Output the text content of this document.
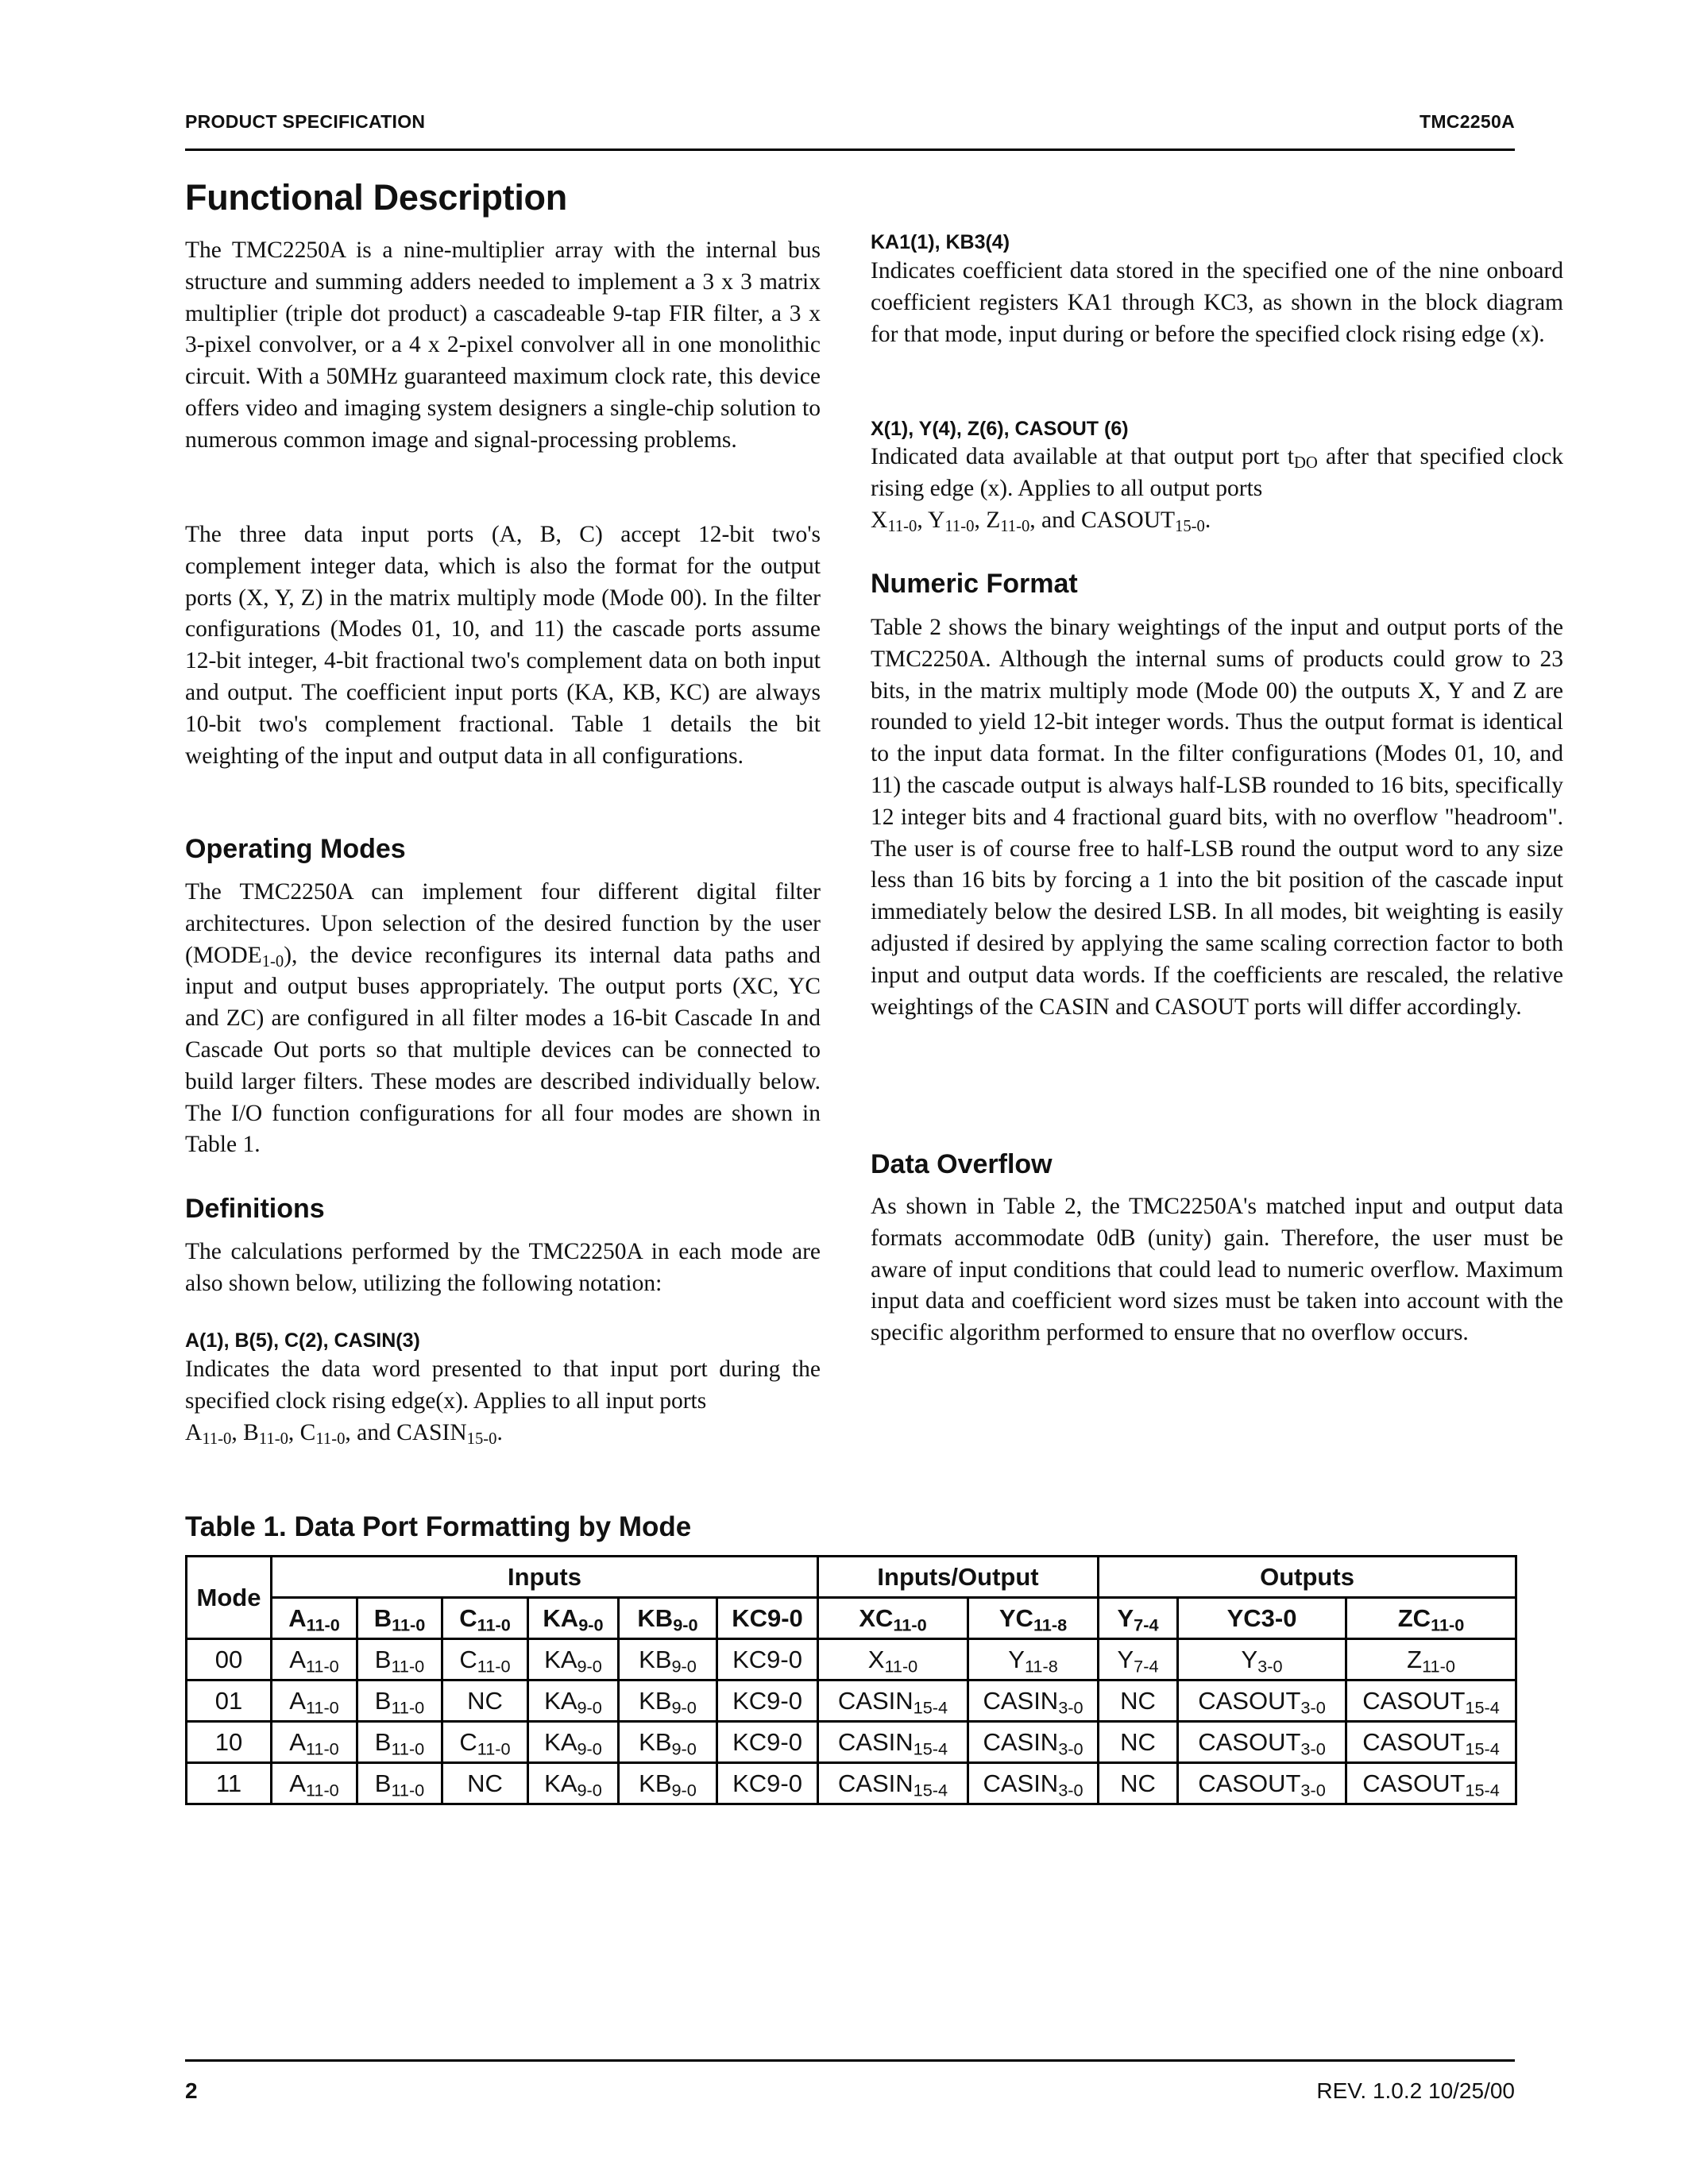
PRODUCT SPECIFICATION	TMC2250A
Functional Description

The TMC2250A is a nine-multiplier array with the internal bus structure and summing adders needed to implement a 3 x 3 matrix multiplier (triple dot product) a cascadeable 9-tap FIR filter, a 3 x 3-pixel convolver, or a 4 x 2-pixel convolver all in one monolithic circuit. With a 50MHz guaranteed maximum clock rate, this device offers video and imaging system designers a single-chip solution to numerous common image and signal-processing problems.

The three data input ports (A, B, C) accept 12-bit two's complement integer data, which is also the format for the output ports (X, Y, Z) in the matrix multiply mode (Mode 00). In the filter configurations (Modes 01, 10, and 11) the cascade ports assume 12-bit integer, 4-bit fractional two's complement data on both input and output. The coefficient input ports (KA, KB, KC) are always 10-bit two's complement fractional. Table 1 details the bit weighting of the input and output data in all configurations.

Operating Modes

The TMC2250A can implement four different digital filter architectures. Upon selection of the desired function by the user $(MODE_{1-0})$, the device reconfigures its internal data paths and input and output buses appropriately. The output ports (XC, YC and ZC) are configured in all filter modes a 16-bit Cascade In and Cascade Out ports so that multiple devices can be connected to build larger filters. These modes are described individually below. The I/O function configurations for all four modes are shown in Table 1.

Definitions

The calculations performed by the TMC2250A in each mode are also shown below, utilizing the following notation:

A(1), B(5), C(2), CASIN(3)

Indicates the data word presented to that input port during the specified clock rising edge(x). Applies to all input ports
$A_{11-0}$, $B_{11-0}$, $C_{11-0}$, and $CASIN_{15-0}$.

KA1(1), KB3(4)

Indicates coefficient data stored in the specified one of the nine onboard coefficient registers KA1 through KC3, as shown in the block diagram for that mode, input during or before the specified clock rising edge (x).

X(1), Y(4), Z(6), CASOUT (6)

Indicated data available at that output port $t_{DO}$ after that specified clock rising edge (x). Applies to all output ports
$X_{11-0}$, $Y_{11-0}$, $Z_{11-0}$, and $CASOUT_{15-0}$.

Numeric Format

Table 2 shows the binary weightings of the input and output ports of the TMC2250A. Although the internal sums of products could grow to 23 bits, in the matrix multiply mode (Mode 00) the outputs X, Y and Z are rounded to yield 12-bit integer words. Thus the output format is identical to the input data format. In the filter configurations (Modes 01, 10, and 11) the cascade output is always half-LSB rounded to 16 bits, specifically 12 integer bits and 4 fractional guard bits, with no overflow "headroom". The user is of course free to half-LSB round the output word to any size less than 16 bits by forcing a 1 into the bit position of the cascade input immediately below the desired LSB. In all modes, bit weighting is easily adjusted if desired by applying the same scaling correction factor to both input and output data words. If the coefficients are rescaled, the relative weightings of the CASIN and CASOUT ports will differ accordingly.

Data Overflow

As shown in Table 2, the TMC2250A's matched input and output data formats accommodate 0dB (unity) gain. Therefore, the user must be aware of input conditions that could lead to numeric overflow. Maximum input data and coefficient word sizes must be taken into account with the specific algorithm performed to ensure that no overflow occurs.

Table 1. Data Port Formatting by Mode
Mode	Inputs						Inputs/Output		Outputs		
	$A_{11-0}$	$B_{11-0}$	$C_{11-0}$	$KA_{9-0}$	$KB_{9-0}$	KC9-0	$XC_{11-0}$	$YC_{11-8}$	$Y_{7-4}$	YC3-0	$ZC_{11-0}$
00	$A_{11-0}$	$B_{11-0}$	$C_{11-0}$	$KA_{9-0}$	$KB_{9-0}$	KC9-0	$X_{11-0}$	$Y_{11-8}$	$Y_{7-4}$	$Y_{3-0}$	$Z_{11-0}$
01	$A_{11-0}$	$B_{11-0}$	NC	$KA_{9-0}$	$KB_{9-0}$	KC9-0	$CASIN_{15-4}$	$CASIN_{3-0}$	NC	$CASOUT_{3-0}$	$CASOUT_{15-4}$
10	$A_{11-0}$	$B_{11-0}$	$C_{11-0}$	$KA_{9-0}$	$KB_{9-0}$	KC9-0	$CASIN_{15-4}$	$CASIN_{3-0}$	NC	$CASOUT_{3-0}$	$CASOUT_{15-4}$
11	$A_{11-0}$	$B_{11-0}$	NC	$KA_{9-0}$	$KB_{9-0}$	KC9-0	$CASIN_{15-4}$	$CASIN_{3-0}$	NC	$CASOUT_{3-0}$	$CASOUT_{15-4}$
2	REV. 1.0.2 10/25/00
